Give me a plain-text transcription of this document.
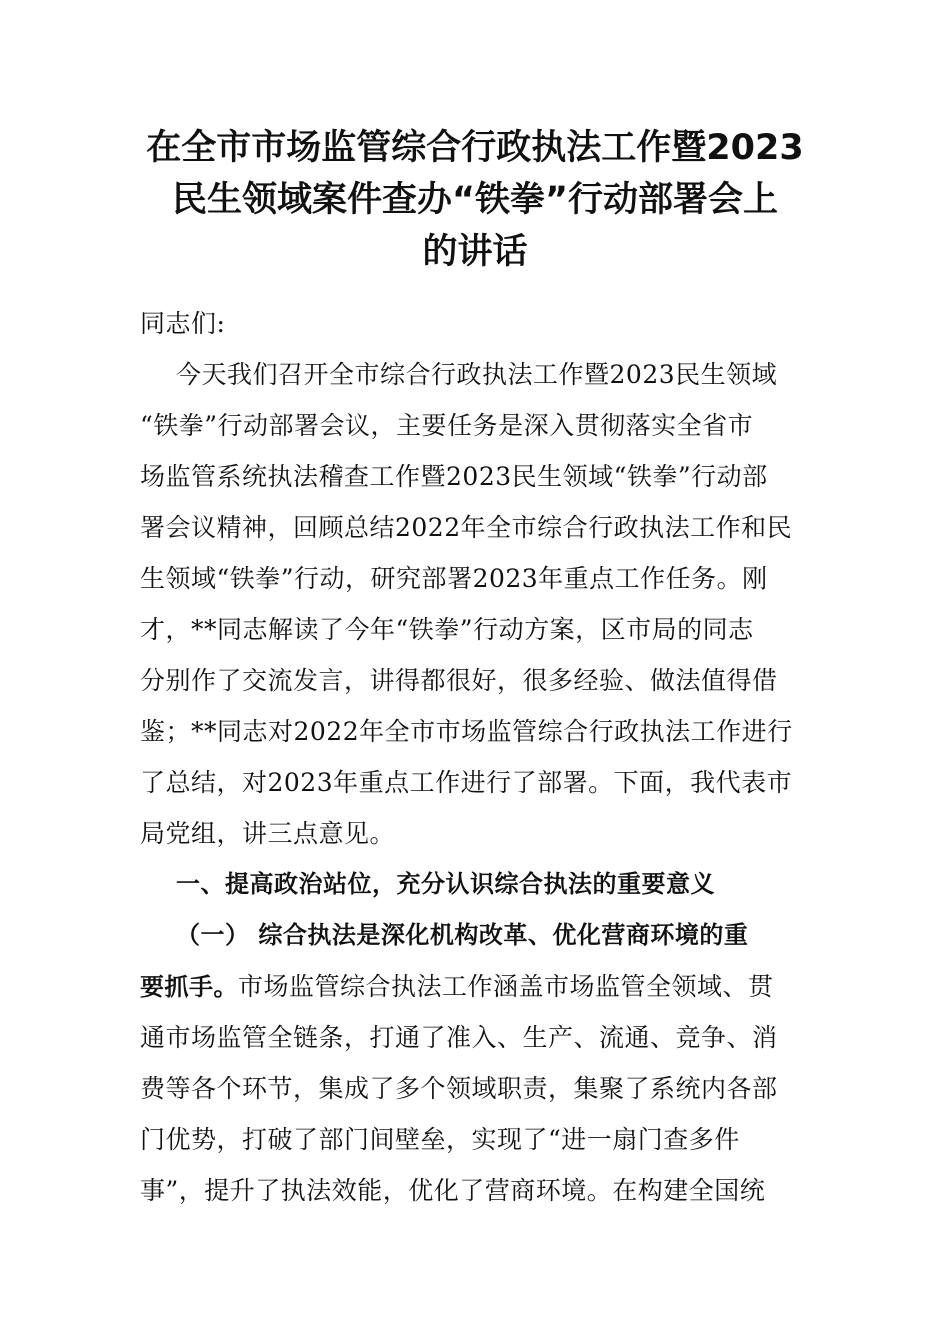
在全市市场监管综合行政执法工作暨2023
民生领域案件查办“铁拳”行动部署会上
的讲话
同志们:
今天我们召开全市综合行政执法工作暨2023民生领域
“铁拳”行动部署会议，主要任务是深入贯彻落实全省市
场监管系统执法稽查工作暨2023民生领域“铁拳”行动部
署会议精神，回顾总结2022年全市综合行政执法工作和民
生领域“铁拳”行动，研究部署2023年重点工作任务。刚
才，**同志解读了今年“铁拳”行动方案，区市局的同志
分别作了交流发言，讲得都很好，很多经验、做法值得借
鉴；**同志对2022年全市市场监管综合行政执法工作进行
了总结，对2023年重点工作进行了部署。下面，我代表市
局党组，讲三点意见。
一、提高政治站位，充分认识综合执法的重要意义
（一） 综合执法是深化机构改革、优化营商环境的重
要抓手。市场监管综合执法工作涵盖市场监管全领域、贯
通市场监管全链条，打通了准入、生产、流通、竞争、消
费等各个环节，集成了多个领域职责，集聚了系统内各部
门优势，打破了部门间壁垒，实现了“进一扇门查多件
事”，提升了执法效能，优化了营商环境。在构建全国统
